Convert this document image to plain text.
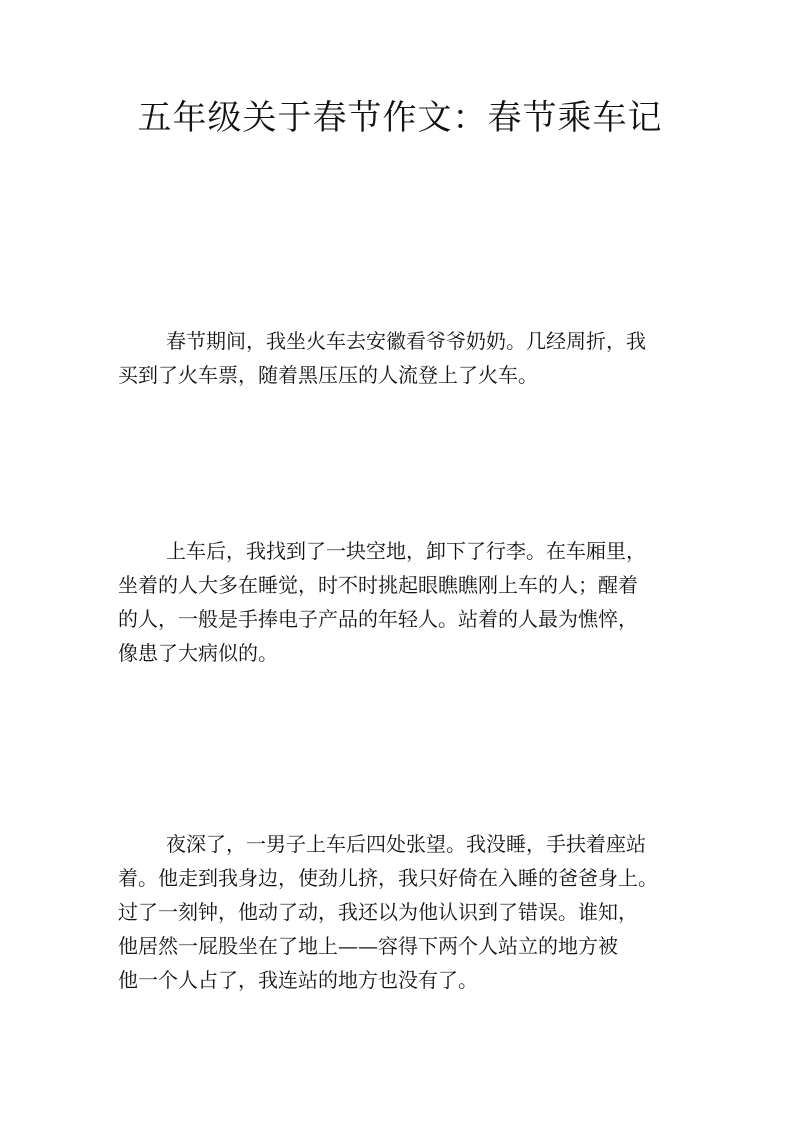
五年级关于春节作文：春节乘车记
春节期间，我坐火车去安徽看爷爷奶奶。几经周折，我
买到了火车票，随着黑压压的人流登上了火车。
上车后，我找到了一块空地，卸下了行李。在车厢里，
坐着的人大多在睡觉，时不时挑起眼瞧瞧刚上车的人；醒着
的人，一般是手捧电子产品的年轻人。站着的人最为憔悴，
像患了大病似的。
夜深了，一男子上车后四处张望。我没睡，手扶着座站
着。他走到我身边，使劲儿挤，我只好倚在入睡的爸爸身上。
过了一刻钟，他动了动，我还以为他认识到了错误。谁知，
他居然一屁股坐在了地上——容得下两个人站立的地方被
他一个人占了，我连站的地方也没有了。
